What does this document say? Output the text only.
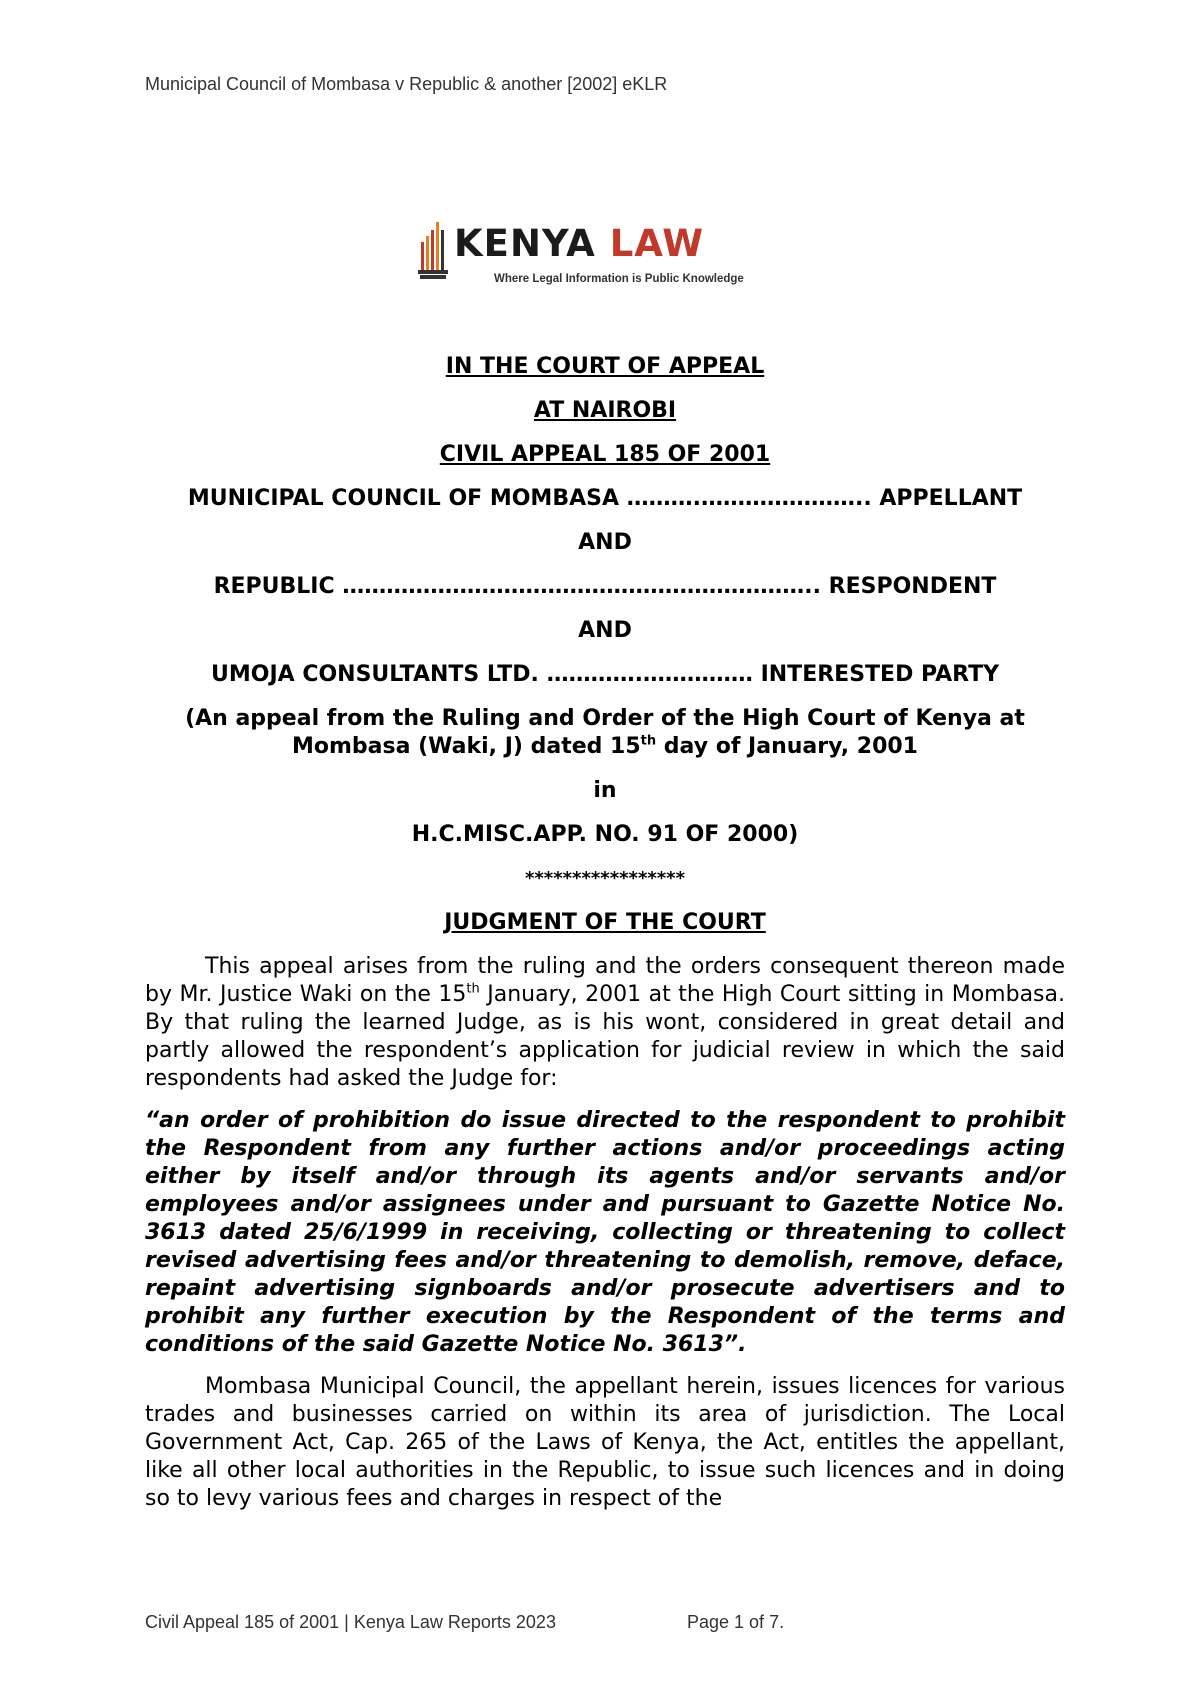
Municipal Council of Mombasa v Republic & another [2002] eKLR
KENYA LAW
Where Legal Information is Public Knowledge
IN THE COURT OF APPEAL
AT NAIROBI
CIVIL APPEAL 185 OF 2001
MUNICIPAL COUNCIL OF MOMBASA ……….………………….. APPELLANT
AND
REPUBLIC ……………………………………………………….. RESPONDENT
AND
UMOJA CONSULTANTS LTD. ………….…………… INTERESTED PARTY
(An appeal from the Ruling and Order of the High Court of Kenya at Mombasa (Waki, J) dated 15th day of January, 2001
in
H.C.MISC.APP. NO. 91 OF 2000)
*****************
JUDGMENT OF THE COURT

This appeal arises from the ruling and the orders consequent thereon made by Mr. Justice Waki on the 15th January, 2001 at the High Court sitting in Mombasa. By that ruling the learned Judge, as is his wont, considered in great detail and partly allowed the respondent’s application for judicial review in which the said respondents had asked the Judge for:

“an order of prohibition do issue directed to the respondent to prohibit the Respondent from any further actions and/or proceedings acting either by itself and/or through its agents and/or servants and/or employees and/or assignees under and pursuant to Gazette Notice No. 3613 dated 25/6/1999 in receiving, collecting or threatening to collect revised advertising fees and/or threatening to demolish, remove, deface, repaint advertising signboards and/or prosecute advertisers and to prohibit any further execution by the Respondent of the terms and conditions of the said Gazette Notice No. 3613”.

Mombasa Municipal Council, the appellant herein, issues licences for various trades and businesses carried on within its area of jurisdiction. The Local Government Act, Cap. 265 of the Laws of Kenya, the Act, entitles the appellant, like all other local authorities in the Republic, to issue such licences and in doing so to levy various fees and charges in respect of the

Civil Appeal 185 of 2001 | Kenya Law Reports 2023	Page 1 of 7.
